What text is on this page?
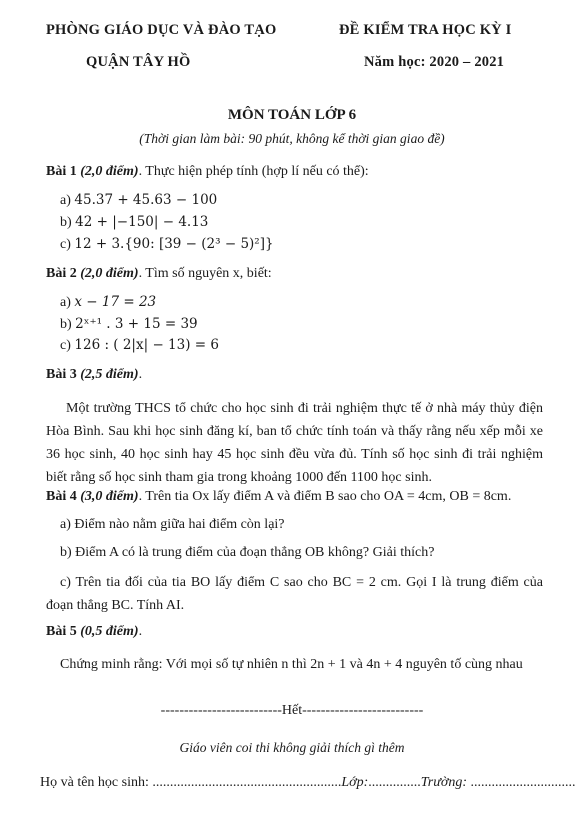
PHÒNG GIÁO DỤC VÀ ĐÀO TẠO
QUẬN TÂY HỒ
ĐỀ KIỂM TRA HỌC KỲ I
Năm học: 2020 – 2021
MÔN TOÁN LỚP 6
(Thời gian làm bài: 90 phút, không kể thời gian giao đề)
Bài 1 (2,0 điểm). Thực hiện phép tính (hợp lí nếu có thể):
a) 45.37 + 45.63 − 100
b) 42 + |−150| − 4.13
c) 12 + 3.{90: [39 − (2³ − 5)²]}
Bài 2 (2,0 điểm). Tìm số nguyên x, biết:
a) x − 17 = 23
b) 2ˣ⁺¹ . 3 + 15 = 39
c) 126 : ( 2|x| − 13) = 6
Bài 3 (2,5 điểm).
Một trường THCS tổ chức cho học sinh đi trải nghiệm thực tế ở nhà máy thủy điện Hòa Bình. Sau khi học sinh đăng kí, ban tổ chức tính toán và thấy rằng nếu xếp mỗi xe 36 học sinh, 40 học sinh hay 45 học sinh đều vừa đủ. Tính số học sinh đi trải nghiệm biết rằng số học sinh tham gia trong khoảng 1000 đến 1100 học sinh.
Bài 4 (3,0 điểm). Trên tia Ox lấy điểm A và điểm B sao cho OA = 4cm, OB = 8cm.
a) Điểm nào nằm giữa hai điểm còn lại?
b) Điểm A có là trung điểm của đoạn thẳng OB không? Giải thích?
c) Trên tia đối của tia BO lấy điểm C sao cho BC = 2 cm. Gọi I là trung điểm của đoạn thẳng BC. Tính AI.
Bài 5 (0,5 điểm).
Chứng minh rằng: Với mọi số tự nhiên n thì 2n + 1 và 4n + 4 nguyên tố cùng nhau
--------------------------Hết--------------------------
Giáo viên coi thi không giải thích gì thêm
Họ và tên học sinh: ......................................................Lớp:...............Trường: ..............................
